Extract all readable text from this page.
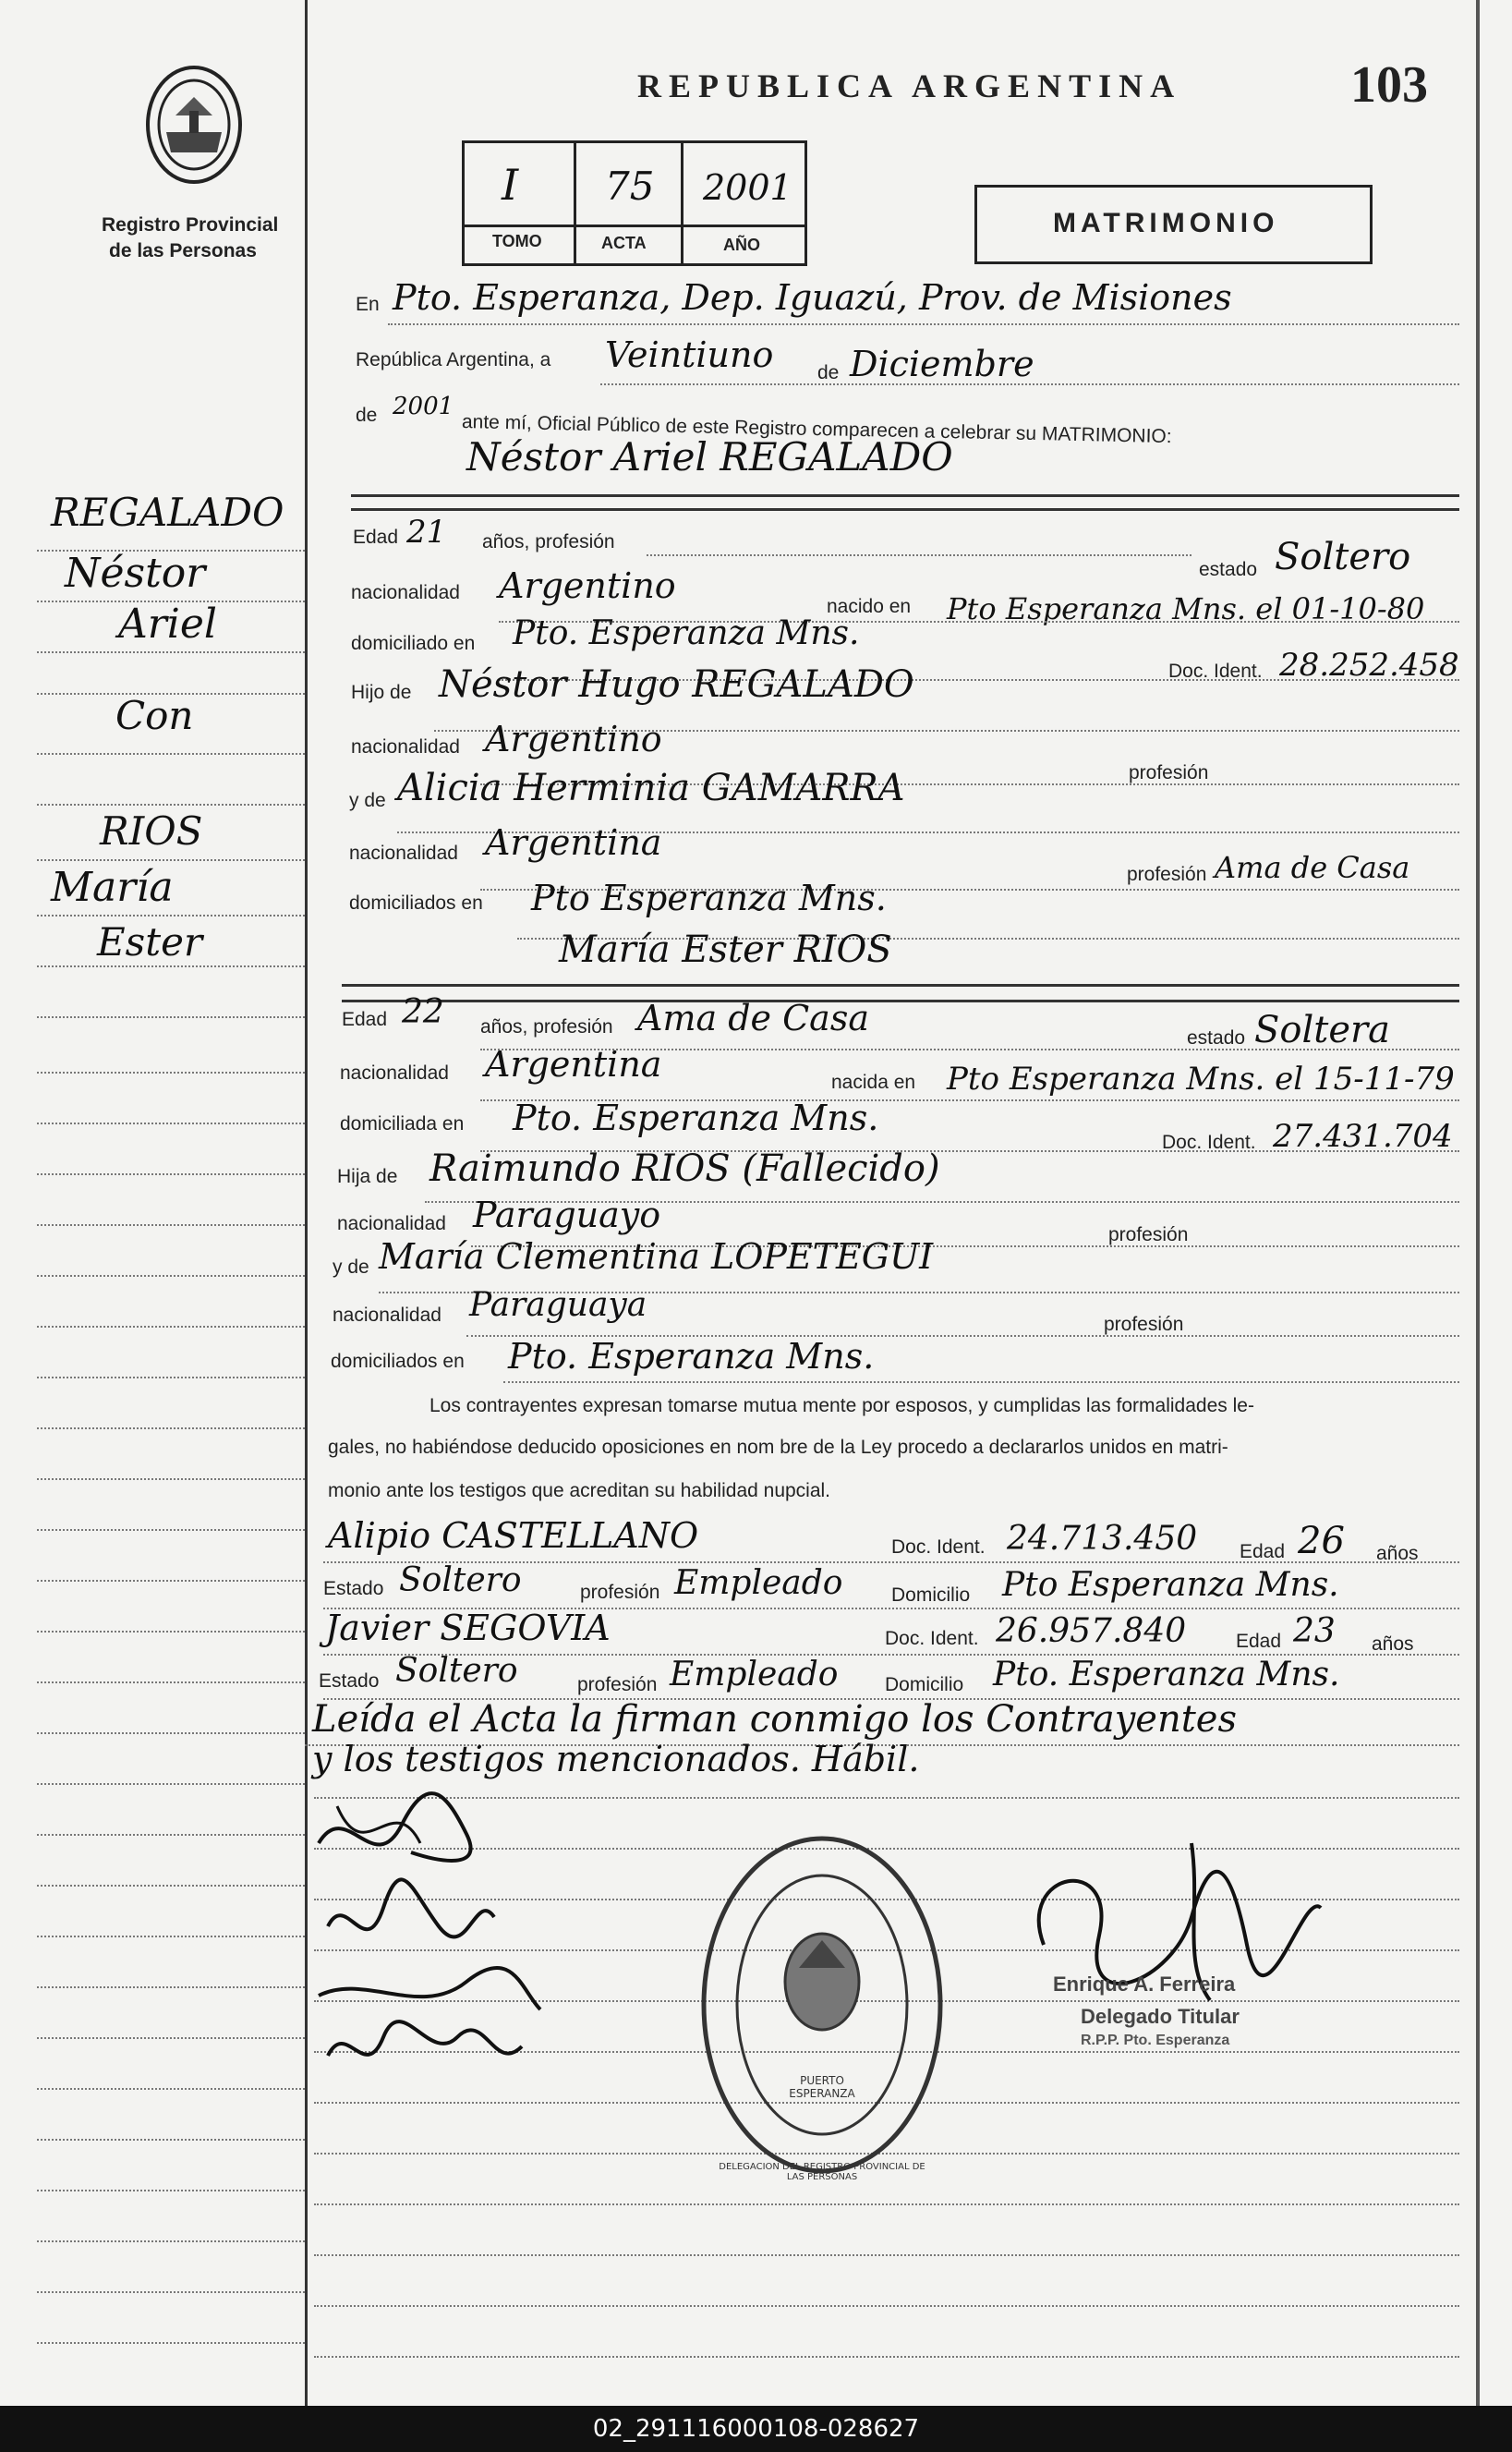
Registro Provincial
de las Personas
REPUBLICA ARGENTINA	103
I 75 2001
TOMO	ACTA	AÑO
MATRIMONIO
En Pto. Esperanza, Dep. Iguazú, Prov. de Misiones
República Argentina, a Veintiuno de Diciembre
de 2001
ante mí, Oficial Público de este Registro comparecen a celebrar su MATRIMONIO:
Néstor Ariel REGALADO
Edad 21 años, profesión
estado Soltero
nacionalidad Argentino
nacido en Pto Esperanza Mns. el 01-10-80
domiciliado en Pto. Esperanza Mns.
Doc. Ident. 28.252.458
Hijo de Néstor Hugo REGALADO
nacionalidad Argentino
profesión
y de Alicia Herminia GAMARRA
nacionalidad Argentina
profesión Ama de Casa
domiciliados en Pto Esperanza Mns.
María Ester RIOS
Edad 22 años, profesión Ama de Casa	estado Soltera
nacionalidad Argentina	nacida en Pto Esperanza Mns. el 15-11-79
domiciliada en Pto. Esperanza Mns.
Doc. Ident. 27.431.704
Hija de Raimundo RIOS (Fallecido)
nacionalidad Paraguayo	profesión
y de María Clementina LOPETEGUI
nacionalidad Paraguaya
profesión
domiciliados en Pto. Esperanza Mns.
Los contrayentes expresan tomarse mutua mente por esposos, y cumplidas las formalidades le-
gales, no habiéndose deducido oposiciones en nom bre de la Ley procedo a declararlos unidos en matri-
monio ante los testigos que acreditan su habilidad nupcial.
Alipio CASTELLANO	Doc. Ident. 24.713.450 Edad 26 años
Estado Soltero	profesión Empleado	Domicilio Pto Esperanza Mns.
Javier SEGOVIA	Doc. Ident. 26.957.840	Edad 23 años
Estado Soltero	profesión Empleado Domicilio Pto. Esperanza Mns.
Leída el Acta la firman conmigo los Contrayentes
y los testigos mencionados. Hábil.
REGALADO
Néstor
Ariel
Con
RIOS
María
Ester
DELEGACION DEL REGISTRO PROVINCIAL DE LAS PERSONAS
PUERTO ESPERANZA
Enrique A. Ferreira
Delegado Titular
R.P.P. Pto. Esperanza
02_291116000108-028627
